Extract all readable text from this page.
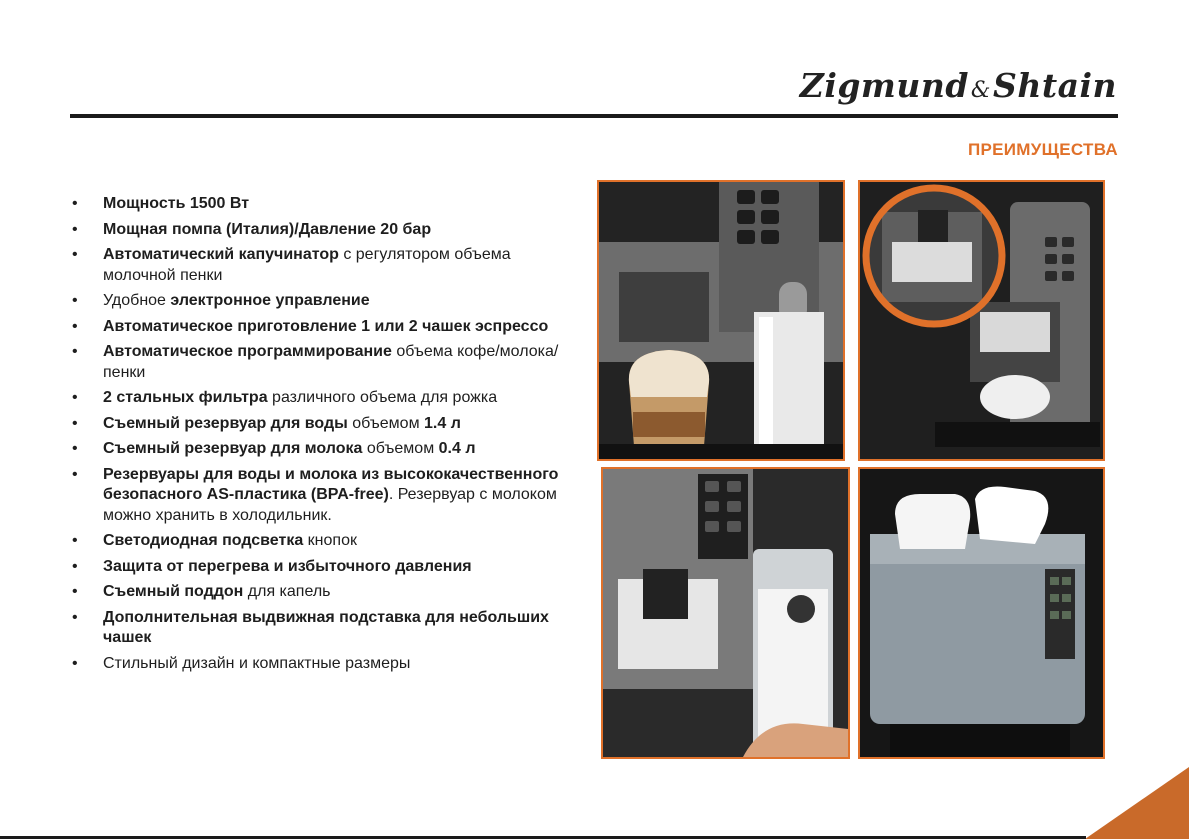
Zigmund&Shtain
ПРЕИМУЩЕСТВА
• Мощность 1500 Вт
• Мощная помпа (Италия)/Давление 20 бар
• Автоматический капучинатор с регулятором объема молочной пенки
• Удобное электронное управление
• Автоматическое приготовление 1 или 2 чашек эспрессо
• Автоматическое программирование объема кофе/молока/пенки
• 2 стальных фильтра различного объема для рожка
• Съемный резервуар для воды объемом 1.4 л
• Съемный резервуар для молока объемом 0.4 л
• Резервуары для воды и молока из высококачественного безопасного AS-пластика (BPA-free). Резервуар с молоком можно хранить в холодильник.
• Светодиодная подсветка кнопок
• Защита от перегрева и избыточного давления
• Съемный поддон для капель
• Дополнительная выдвижная подставка для небольших чашек
• Стильный дизайн и компактные размеры
